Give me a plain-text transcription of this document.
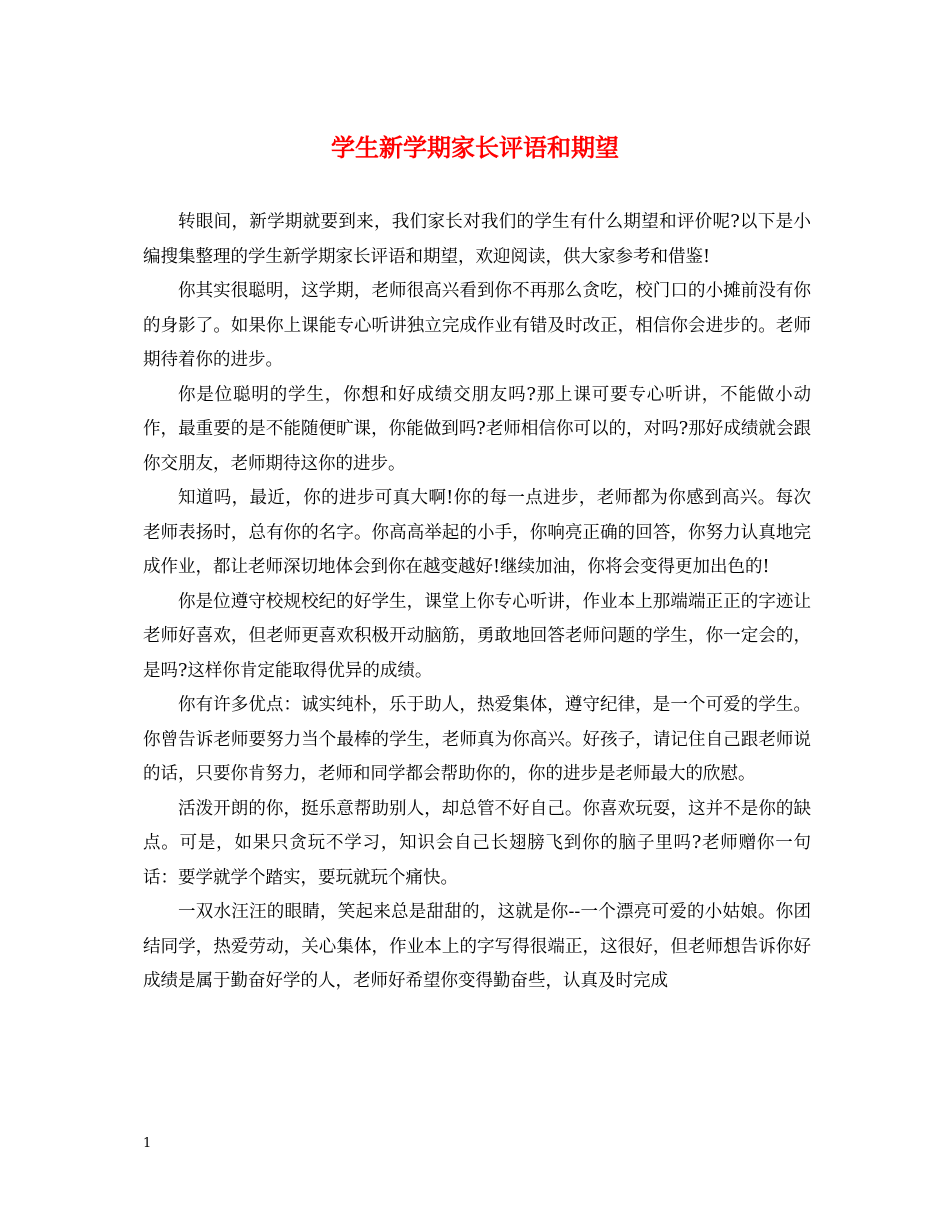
学生新学期家长评语和期望

转眼间，新学期就要到来，我们家长对我们的学生有什么期望和评价呢?以下是小编搜集整理的学生新学期家长评语和期望，欢迎阅读，供大家参考和借鉴!

你其实很聪明，这学期，老师很高兴看到你不再那么贪吃，校门口的小摊前没有你的身影了。如果你上课能专心听讲独立完成作业有错及时改正，相信你会进步的。老师期待着你的进步。

你是位聪明的学生，你想和好成绩交朋友吗?那上课可要专心听讲，不能做小动作，最重要的是不能随便旷课，你能做到吗?老师相信你可以的，对吗?那好成绩就会跟你交朋友，老师期待这你的进步。

知道吗，最近，你的进步可真大啊!你的每一点进步，老师都为你感到高兴。每次老师表扬时，总有你的名字。你高高举起的小手，你响亮正确的回答，你努力认真地完成作业，都让老师深切地体会到你在越变越好!继续加油，你将会变得更加出色的!

你是位遵守校规校纪的好学生，课堂上你专心听讲，作业本上那端端正正的字迹让老师好喜欢，但老师更喜欢积极开动脑筋，勇敢地回答老师问题的学生，你一定会的，是吗?这样你肯定能取得优异的成绩。

你有许多优点：诚实纯朴，乐于助人，热爱集体，遵守纪律，是一个可爱的学生。你曾告诉老师要努力当个最棒的学生，老师真为你高兴。好孩子，请记住自己跟老师说的话，只要你肯努力，老师和同学都会帮助你的，你的进步是老师最大的欣慰。

活泼开朗的你，挺乐意帮助别人，却总管不好自己。你喜欢玩耍，这并不是你的缺点。可是，如果只贪玩不学习，知识会自己长翅膀飞到你的脑子里吗?老师赠你一句话：要学就学个踏实，要玩就玩个痛快。

一双水汪汪的眼睛，笑起来总是甜甜的，这就是你--一个漂亮可爱的小姑娘。你团结同学，热爱劳动，关心集体，作业本上的字写得很端正，这很好，但老师想告诉你好成绩是属于勤奋好学的人，老师好希望你变得勤奋些，认真及时完成

1
